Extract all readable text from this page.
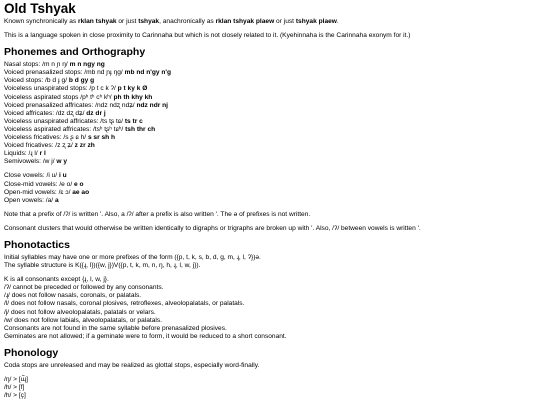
Old Tshyak

Known synchronically as rklan tshyak or just tshyak, anachronically as rklan tshyak plaew or just tshyak plaew.

This is a language spoken in close proximity to Carinnaha but which is not closely related to it. (Kyehinnaha is the Carinnaha exonym for it.)

Phonemes and Orthography
Nasal stops: /m n ɲ ŋ/ m n ngy ng
Voiced prenasalized stops: /mb nd ɲɟ ŋg/ mb nd n'gy n'g
Voiced stops: /b d ɟ g/ b d gy g
Voiceless unaspirated stops: /p t c k ʔ/ p t ky k Ø
Voiceless aspirated stops /pʰ tʰ cʰ kʰ/ ph th khy kh
Voiced prenasalized affricates: /ndz ndʐ ndʑ/ ndz ndr nj
Voiced affricates: /dz dʐ dʑ/ dz dr j
Voiceless unaspirated affricates: /ts tʂ tɕ/ ts tr c
Voiceless aspirated affricates: /tsʰ tʂʰ tɕʰ/ tsh thr ch
Voiceless fricatives: /s ʂ ɕ h/ s sr sh h
Voiced fricatives: /z ʐ ʑ/ z zr zh
Liquids: /ɻ l/ r l
Semivowels: /w j/ w y
Close vowels: /i u/ i u
Close-mid vowels: /e o/ e o
Open-mid vowels: /ɛ ɔ/ ae ao
Open vowels: /a/ a

Note that a prefix of /ʔ/ is written '. Also, a /ʔ/ after a prefix is also written '. The ə of prefixes is not written.

Consonant clusters that would otherwise be written identically to digraphs or trigraphs are broken up with '. Also, /ʔ/ between vowels is written '.

Phonotactics
Initial syllables may have one or more prefixes of the form ({p, t, k, s, b, d, g, m, ɻ, l, ʔ})ə.
The syllable structure is K({ɻ, l})({w, j})V({p, t, k, m, n, ŋ, h, ɻ, l, w, j}).
K is all consonants except {ɻ, l, w, j}.
/ʔ/ cannot be preceded or followed by any consonants.
/ɻ/ does not follow nasals, coronals, or palatals.
/l/ does not follow nasals, coronal plosives, retroflexes, alveolopalatals, or palatals.
/j/ does not follow alveolopalatals, palatals or velars.
/w/ does not follow labials, alveolopalatals, or palatals.
Consonants are not found in the same syllable before prenasalized plosives.
Geminates are not allowed; if a geminate were to form, it would be reduced to a short consonant.
Phonology

Coda stops are unreleased and may be realized as glottal stops, especially word-finally.

/ŋ/ > [ɰ̃]
/h/ > [f]
/h/ > [ç]
